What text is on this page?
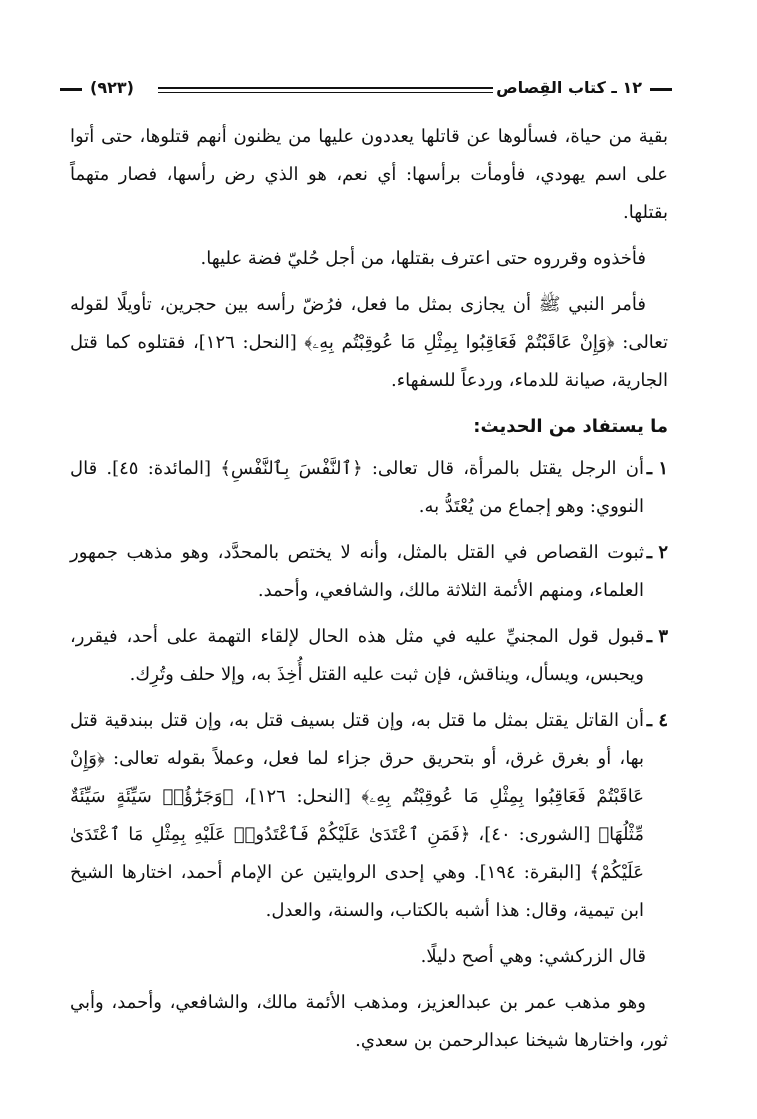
١٢ ـ كتاب القِصاص
(٩٢٣)

بقية من حياة، فسألوها عن قاتلها يعددون عليها من يظنون أنهم قتلوها، حتى أتوا على اسم يهودي، فأومأت برأسها: أي نعم، هو الذي رض رأسها، فصار متهماً بقتلها.

فأخذوه وقرروه حتى اعترف بقتلها، من أجل حُليّ فضة عليها.

فأمر النبي ﷺ أن يجازى بمثل ما فعل، فرُضّ رأسه بين حجرين، تأويلًا لقوله تعالى: ﴿وَإِنْ عَاقَبْتُمْ فَعَاقِبُوا بِمِثْلِ مَا عُوقِبْتُم بِهِۦ﴾ [النحل: ١٢٦]، فقتلوه كما قتل الجارية، صيانة للدماء، وردعاً للسفهاء.

ما يستفاد من الحديث:

١ ـ
أن الرجل يقتل بالمرأة، قال تعالى: ﴿ٱلنَّفْسَ بِٱلنَّفْسِ﴾ [المائدة: ٤٥]. قال النووي: وهو إجماع من يُعْتَدُّ به.

٢ ـ
ثبوت القصاص في القتل بالمثل، وأنه لا يختص بالمحدَّد، وهو مذهب جمهور العلماء، ومنهم الأئمة الثلاثة مالك، والشافعي، وأحمد.

٣ ـ
قبول قول المجنيِّ عليه في مثل هذه الحال لإلقاء التهمة على أحد، فيقرر، ويحبس، ويسأل، ويناقش، فإن ثبت عليه القتل أُخِذَ به، وإلا حلف وتُرِك.

٤ ـ
أن القاتل يقتل بمثل ما قتل به، وإن قتل بسيف قتل به، وإن قتل ببندقية قتل بها، أو بغرق غرق، أو بتحريق حرق جزاء لما فعل، وعملاً بقوله تعالى: ﴿وَإِنْ عَاقَبْتُمْ فَعَاقِبُوا بِمِثْلِ مَا عُوقِبْتُم بِهِۦ﴾ [النحل: ١٢٦]، ﴿وَجَزَٰٓؤُا۟ سَيِّئَةٍ سَيِّئَةٌ مِّثْلُهَا﴾ [الشورى: ٤٠]، ﴿فَمَنِ ٱعْتَدَىٰ عَلَيْكُمْ فَٱعْتَدُوا۟ عَلَيْهِ بِمِثْلِ مَا ٱعْتَدَىٰ عَلَيْكُمْ﴾ [البقرة: ١٩٤]. وهي إحدى الروايتين عن الإمام أحمد، اختارها الشيخ ابن تيمية، وقال: هذا أشبه بالكتاب، والسنة، والعدل.

قال الزركشي: وهي أصح دليلًا.

وهو مذهب عمر بن عبدالعزيز، ومذهب الأئمة مالك، والشافعي، وأحمد، وأبي ثور، واختارها شيخنا عبدالرحمن بن سعدي.
